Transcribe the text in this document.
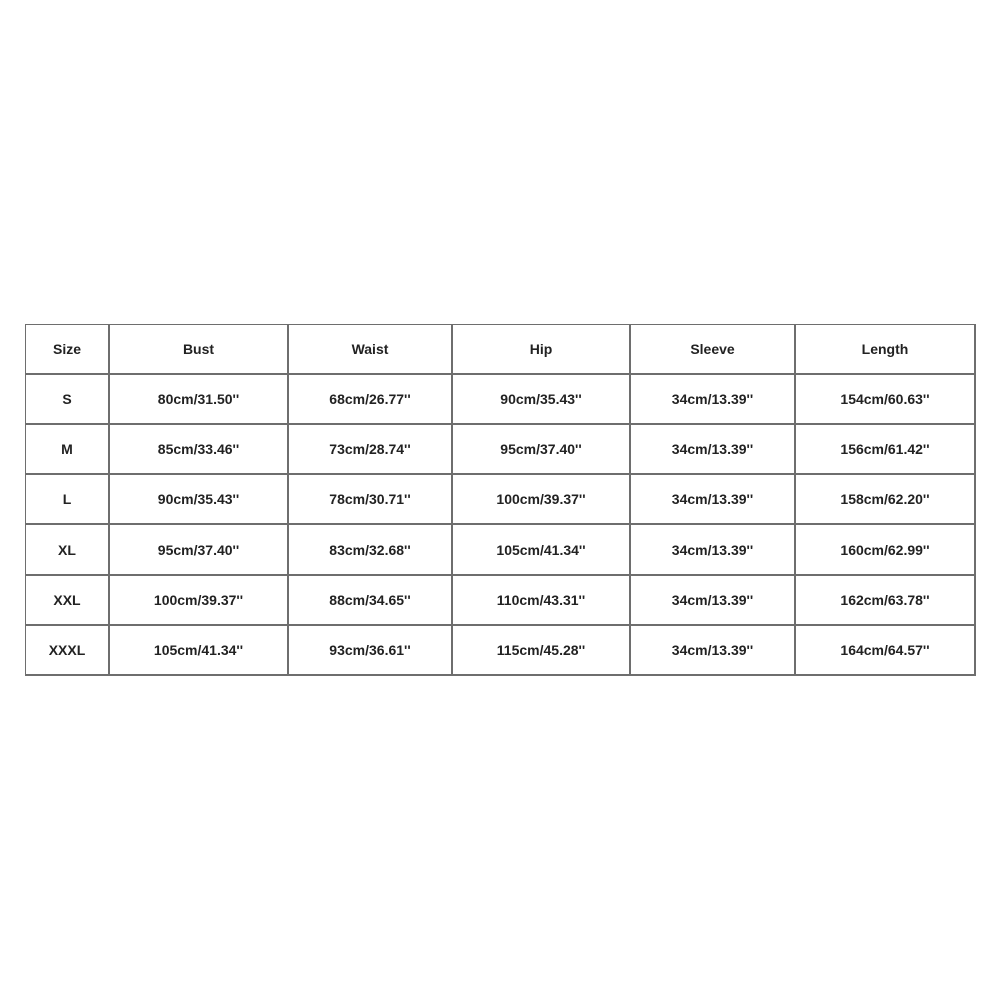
Size	Bust	Waist	Hip	Sleeve	Length
S	80cm/31.50''	68cm/26.77''	90cm/35.43''	34cm/13.39''	154cm/60.63''
M	85cm/33.46''	73cm/28.74''	95cm/37.40''	34cm/13.39''	156cm/61.42''
L	90cm/35.43''	78cm/30.71''	100cm/39.37''	34cm/13.39''	158cm/62.20''
XL	95cm/37.40''	83cm/32.68''	105cm/41.34''	34cm/13.39''	160cm/62.99''
XXL	100cm/39.37''	88cm/34.65''	110cm/43.31''	34cm/13.39''	162cm/63.78''
XXXL	105cm/41.34''	93cm/36.61''	115cm/45.28''	34cm/13.39''	164cm/64.57''
